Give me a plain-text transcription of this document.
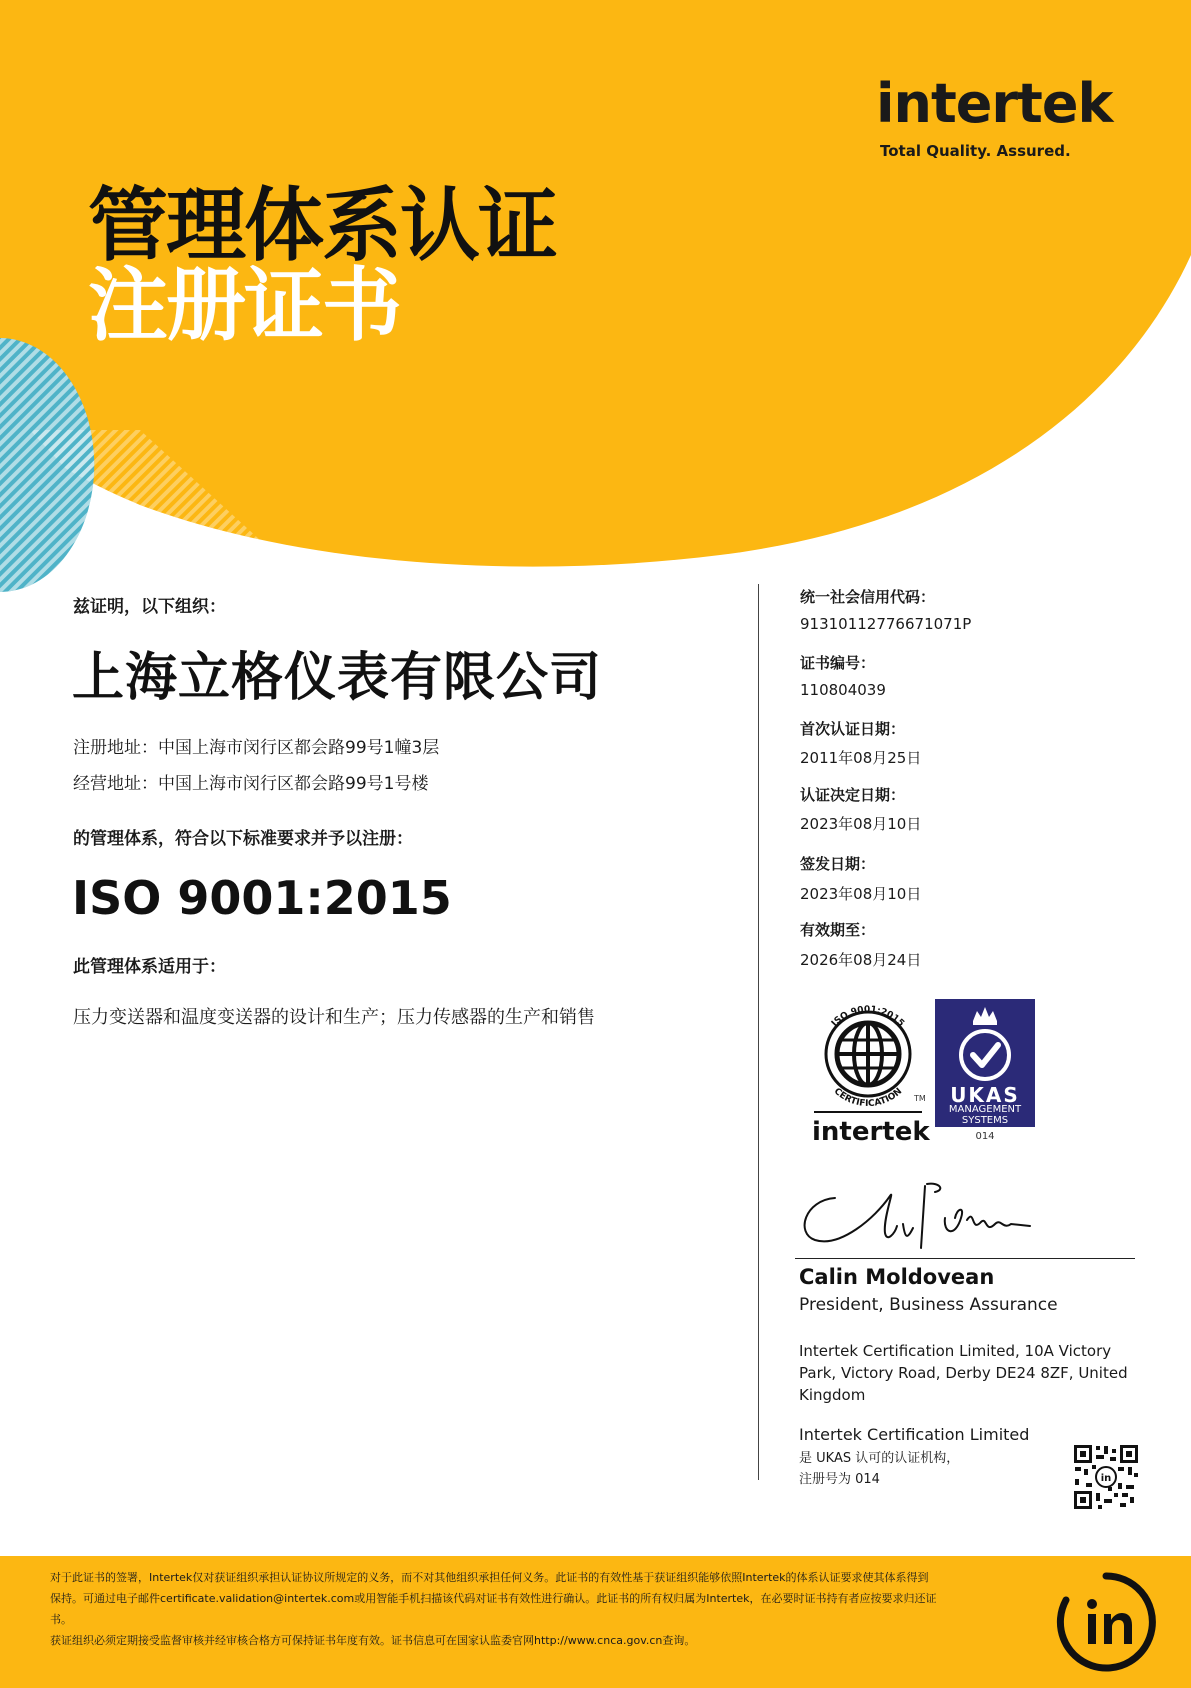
intertek
Total Quality. Assured.
管理体系认证
注册证书
兹证明，以下组织：
上海立格仪表有限公司
注册地址：中国上海市闵行区都会路99号1幢3层
经营地址：中国上海市闵行区都会路99号1号楼
的管理体系，符合以下标准要求并予以注册：
ISO 9001:2015
此管理体系适用于：
压力变送器和温度变送器的设计和生产；压力传感器的生产和销售
统一社会信用代码：
91310112776671071P
证书编号：
110804039
首次认证日期：
2011年08月25日
认证决定日期：
2023年08月10日
签发日期：
2023年08月10日
有效期至：
2026年08月24日
ISO 9001:2015
CERTIFICATION TM
intertek
UKAS
MANAGEMENT
SYSTEMS
014
Calin Moldovean
President, Business Assurance
Intertek Certification Limited, 10A Victory Park, Victory Road, Derby DE24 8ZF, United Kingdom
Intertek Certification Limited
是 UKAS 认可的认证机构，
注册号为 014	in
对于此证书的签署，Intertek仅对获证组织承担认证协议所规定的义务，而不对其他组织承担任何义务。此证书的有效性基于获证组织能够依照Intertek的体系认证要求使其体系得到
保持。可通过电子邮件certificate.validation@intertek.com或用智能手机扫描该代码对证书有效性进行确认。此证书的所有权归属为Intertek，在必要时证书持有者应按要求归还证
书。
获证组织必须定期接受监督审核并经审核合格方可保持证书年度有效。证书信息可在国家认监委官网http://www.cnca.gov.cn查询。
